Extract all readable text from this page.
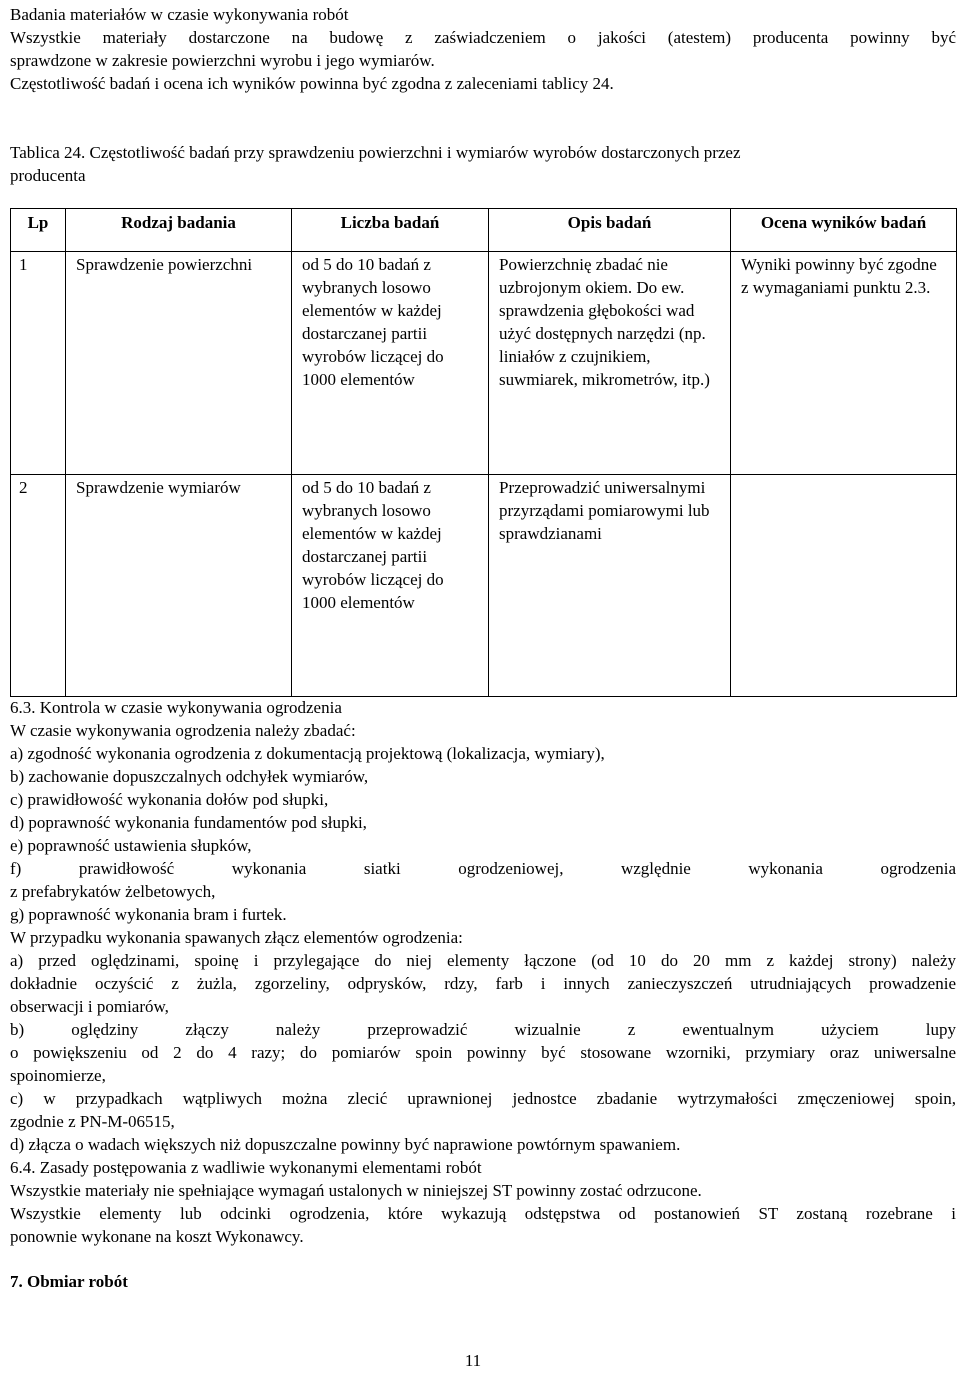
Badania materiałów w czasie wykonywania robót

Wszystkie materiały dostarczone na budowę z zaświadczeniem o jakości (atestem) producenta powinny być

sprawdzone w zakresie powierzchni wyrobu i jego wymiarów.

Częstotliwość badań i ocena ich wyników powinna być zgodna z zaleceniami tablicy 24.

Tablica 24. Częstotliwość badań przy sprawdzeniu powierzchni i wymiarów wyrobów dostarczonych przez

producenta

Lp	Rodzaj badania	Liczba badań	Opis badań	Ocena wyników badań
1	Sprawdzenie powierzchni	od 5 do 10 badań z wybranych losowo elementów w każdej dostarczanej partii wyrobów liczącej do 1000 elementów	Powierzchnię zbadać nie uzbrojonym okiem. Do ew. sprawdzenia głębokości wad użyć dostępnych narzędzi (np. liniałów z czujnikiem, suwmiarek, mikrometrów, itp.)	Wyniki powinny być zgodne z wymaganiami punktu 2.3.
2	Sprawdzenie wymiarów	od 5 do 10 badań z wybranych losowo elementów w każdej dostarczanej partii wyrobów liczącej do 1000 elementów	Przeprowadzić uniwersalnymi przyrządami pomiarowymi lub sprawdzianami	

6.3. Kontrola w czasie wykonywania ogrodzenia

W czasie wykonywania ogrodzenia należy zbadać:

a) zgodność wykonania ogrodzenia z dokumentacją projektową (lokalizacja, wymiary),

b) zachowanie dopuszczalnych odchyłek wymiarów,

c) prawidłowość wykonania dołów pod słupki,

d) poprawność wykonania fundamentów pod słupki,

e) poprawność ustawienia słupków,

f) prawidłowość wykonania siatki ogrodzeniowej, względnie wykonania ogrodzenia

z prefabrykatów żelbetowych,

g) poprawność wykonania bram i furtek.

W przypadku wykonania spawanych złącz elementów ogrodzenia:

a) przed oględzinami, spoinę i przylegające do niej elementy łączone (od 10 do 20 mm z każdej strony) należy

dokładnie oczyścić z żużla, zgorzeliny, odprysków, rdzy, farb i innych zanieczyszczeń utrudniających prowadzenie

obserwacji i pomiarów,

b) oględziny złączy należy przeprowadzić wizualnie z ewentualnym użyciem lupy

o powiększeniu od 2 do 4 razy; do pomiarów spoin powinny być stosowane wzorniki, przymiary oraz uniwersalne

spoinomierze,

c) w przypadkach wątpliwych można zlecić uprawnionej jednostce zbadanie wytrzymałości zmęczeniowej spoin,

zgodnie z PN-M-06515,

d) złącza o wadach większych niż dopuszczalne powinny być naprawione powtórnym spawaniem.

6.4. Zasady postępowania z wadliwie wykonanymi elementami robót

Wszystkie materiały nie spełniające wymagań ustalonych w niniejszej ST powinny zostać odrzucone.

Wszystkie elementy lub odcinki ogrodzenia, które wykazują odstępstwa od postanowień ST zostaną rozebrane i

ponownie wykonane na koszt Wykonawcy.

7. Obmiar robót

11
